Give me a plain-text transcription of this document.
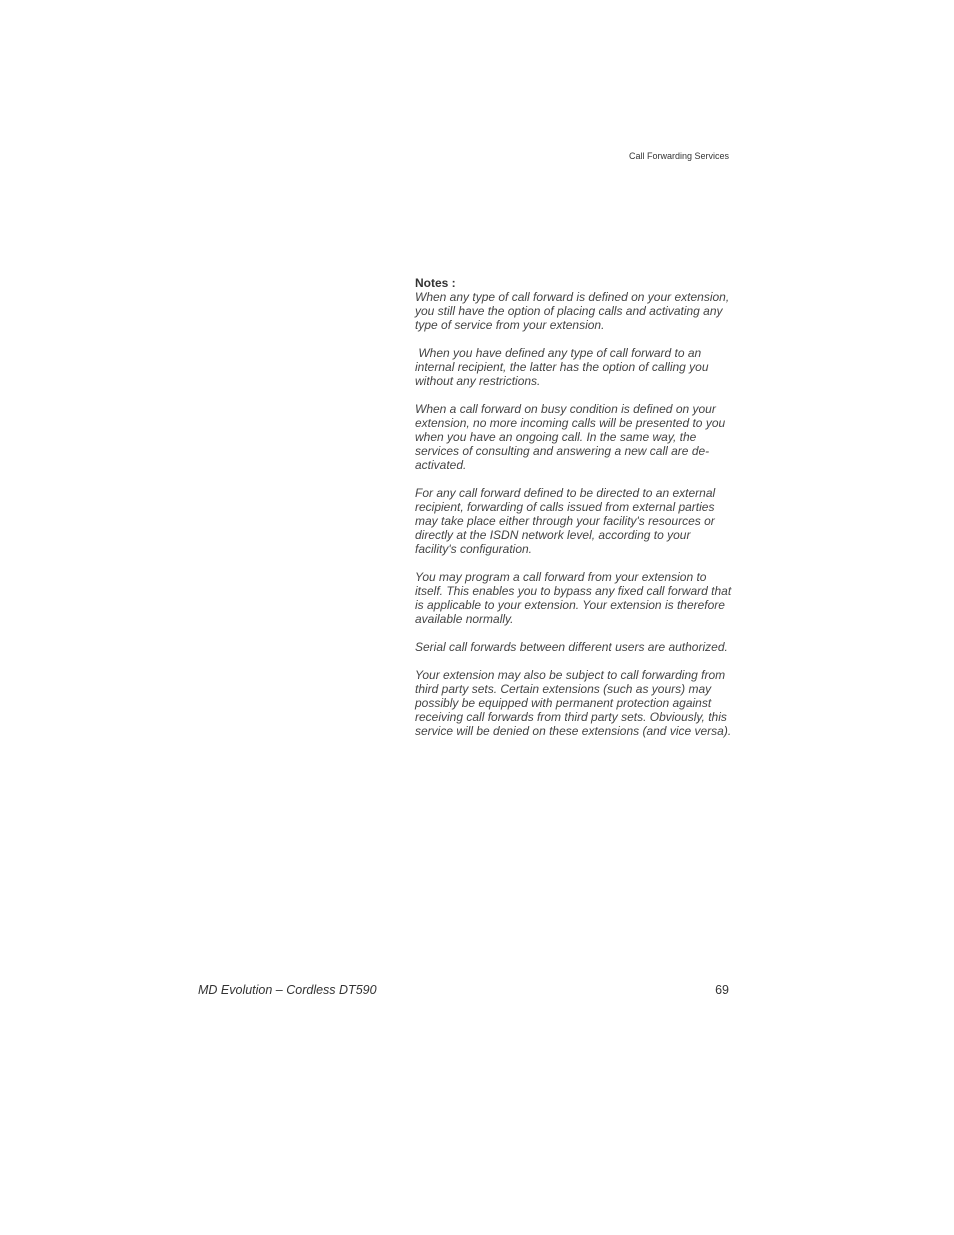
Call Forwarding Services

Notes :

When any type of call forward is defined on your extension, you still have the option of placing calls and activating any type of service from your extension.

When you have defined any type of call forward to an internal recipient, the latter has the option of calling you without any restrictions.

When a call forward on busy condition is defined on your extension, no more incoming calls will be presented to you when you have an ongoing call. In the same way, the services of consulting and answering a new call are de-activated.

For any call forward defined to be directed to an external recipient, forwarding of calls issued from external parties may take place either through your facility's resources or directly at the ISDN network level, according to your facility's configuration.

You may program a call forward from your extension to itself. This enables you to bypass any fixed call forward that is applicable to your extension. Your extension is therefore available normally.

Serial call forwards between different users are authorized.

Your extension may also be subject to call forwarding from third party sets. Certain extensions (such as yours) may possibly be equipped with permanent protection against receiving call forwards from third party sets. Obviously, this service will be denied on these extensions (and vice versa).

MD Evolution – Cordless DT590	69
